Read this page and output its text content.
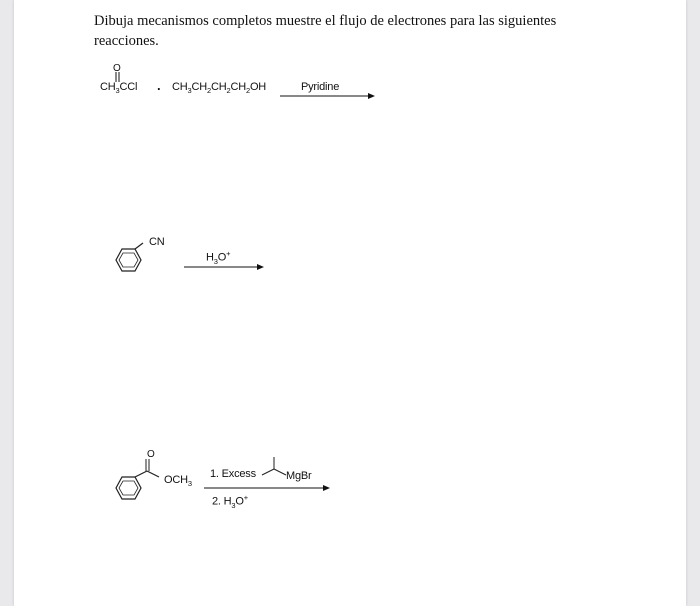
Dibuja mecanismos completos muestre el flujo de electrones para las siguientes reacciones.
O
$CH_3CCl$ . $CH_3CH_2CH_2CH_2OH$	Pyridine
CN
$H_3O^+$
O
$OCH_3$
1. Excess	MgBr
2. $H_3O^+$
